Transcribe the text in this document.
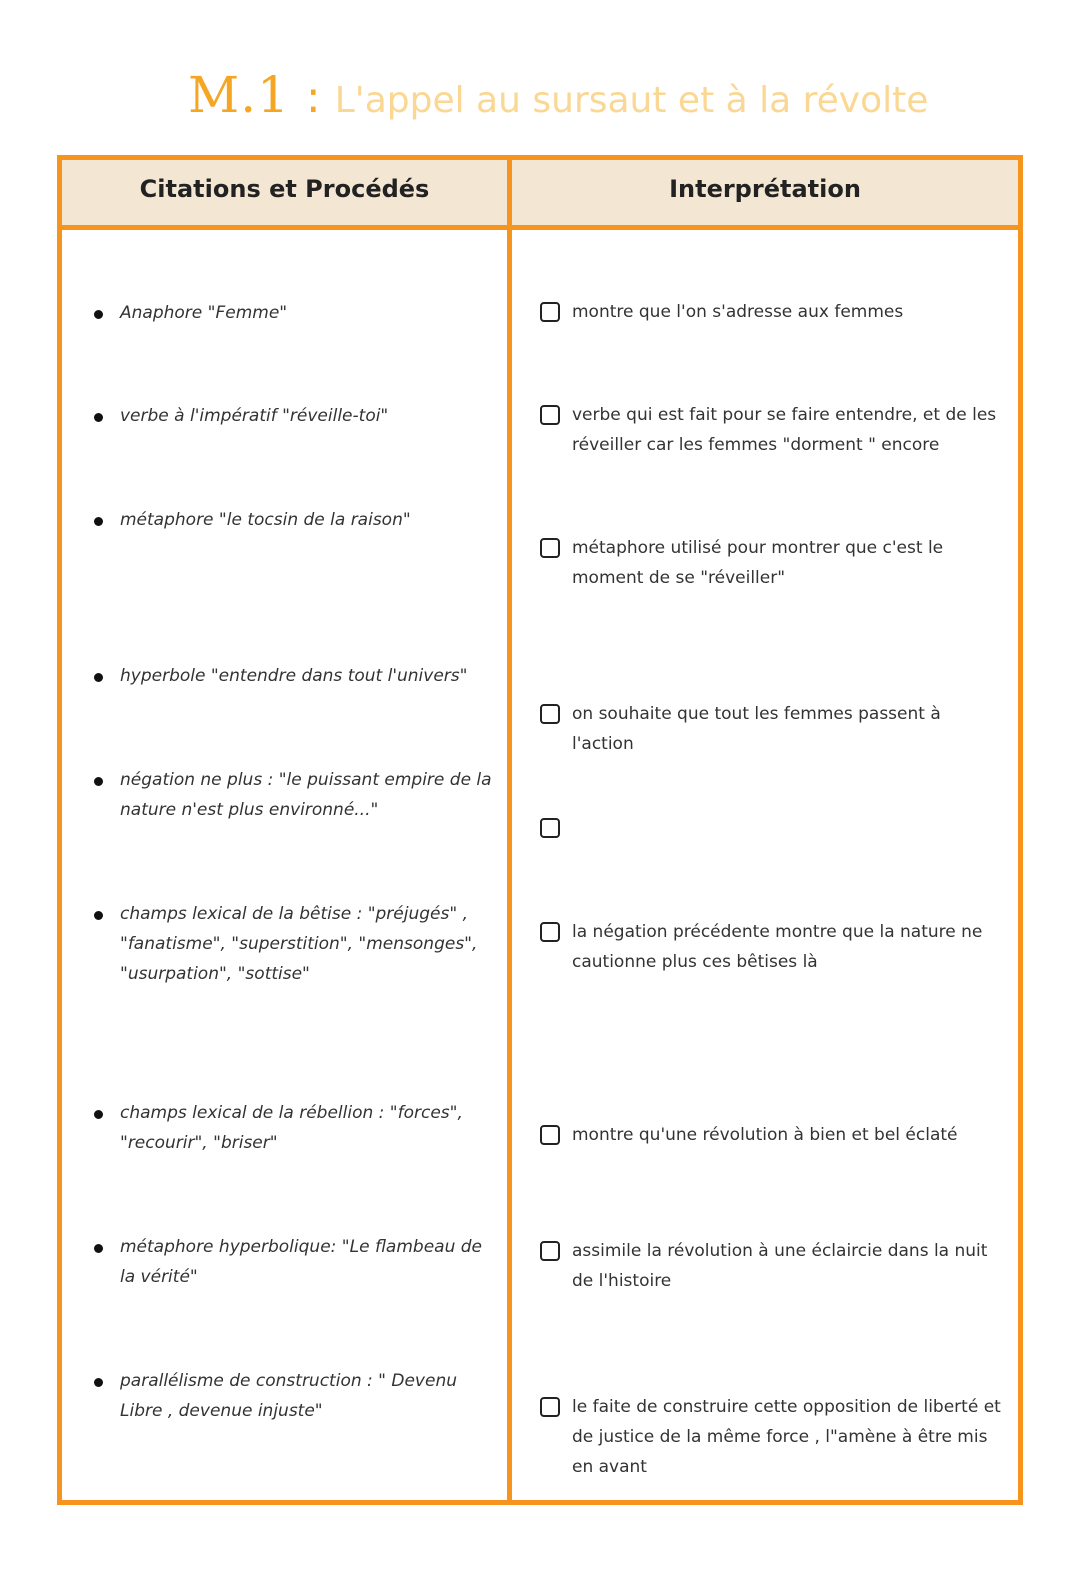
M.1 : L'appel au sursaut et à la révolte
Citations et Procédés	Interprétation
Anaphore "Femme"
verbe à l'impératif "réveille-toi"
métaphore "le tocsin de la raison"
hyperbole "entendre dans tout l'univers"
négation ne plus : "le puissant empire de la nature n'est plus environné..."
champs lexical de la bêtise : "préjugés" , "fanatisme", "superstition", "mensonges", "usurpation", "sottise"
champs lexical de la rébellion : "forces", "recourir", "briser"
métaphore hyperbolique: "Le flambeau de la vérité"
parallélisme de construction : " Devenu Libre , devenue injuste"
montre que l'on s'adresse aux femmes
verbe qui est fait pour se faire entendre, et de les réveiller car les femmes "dorment " encore
métaphore utilisé pour montrer que c'est le moment de se "réveiller"
on souhaite que tout les femmes passent à l'action
la négation précédente montre que la nature ne cautionne plus ces bêtises là
montre qu'une révolution à bien et bel éclaté
assimile la révolution à une éclaircie dans la nuit de l'histoire
le faite de construire cette opposition de liberté et de justice de la même force , l"amène à être mis en avant
